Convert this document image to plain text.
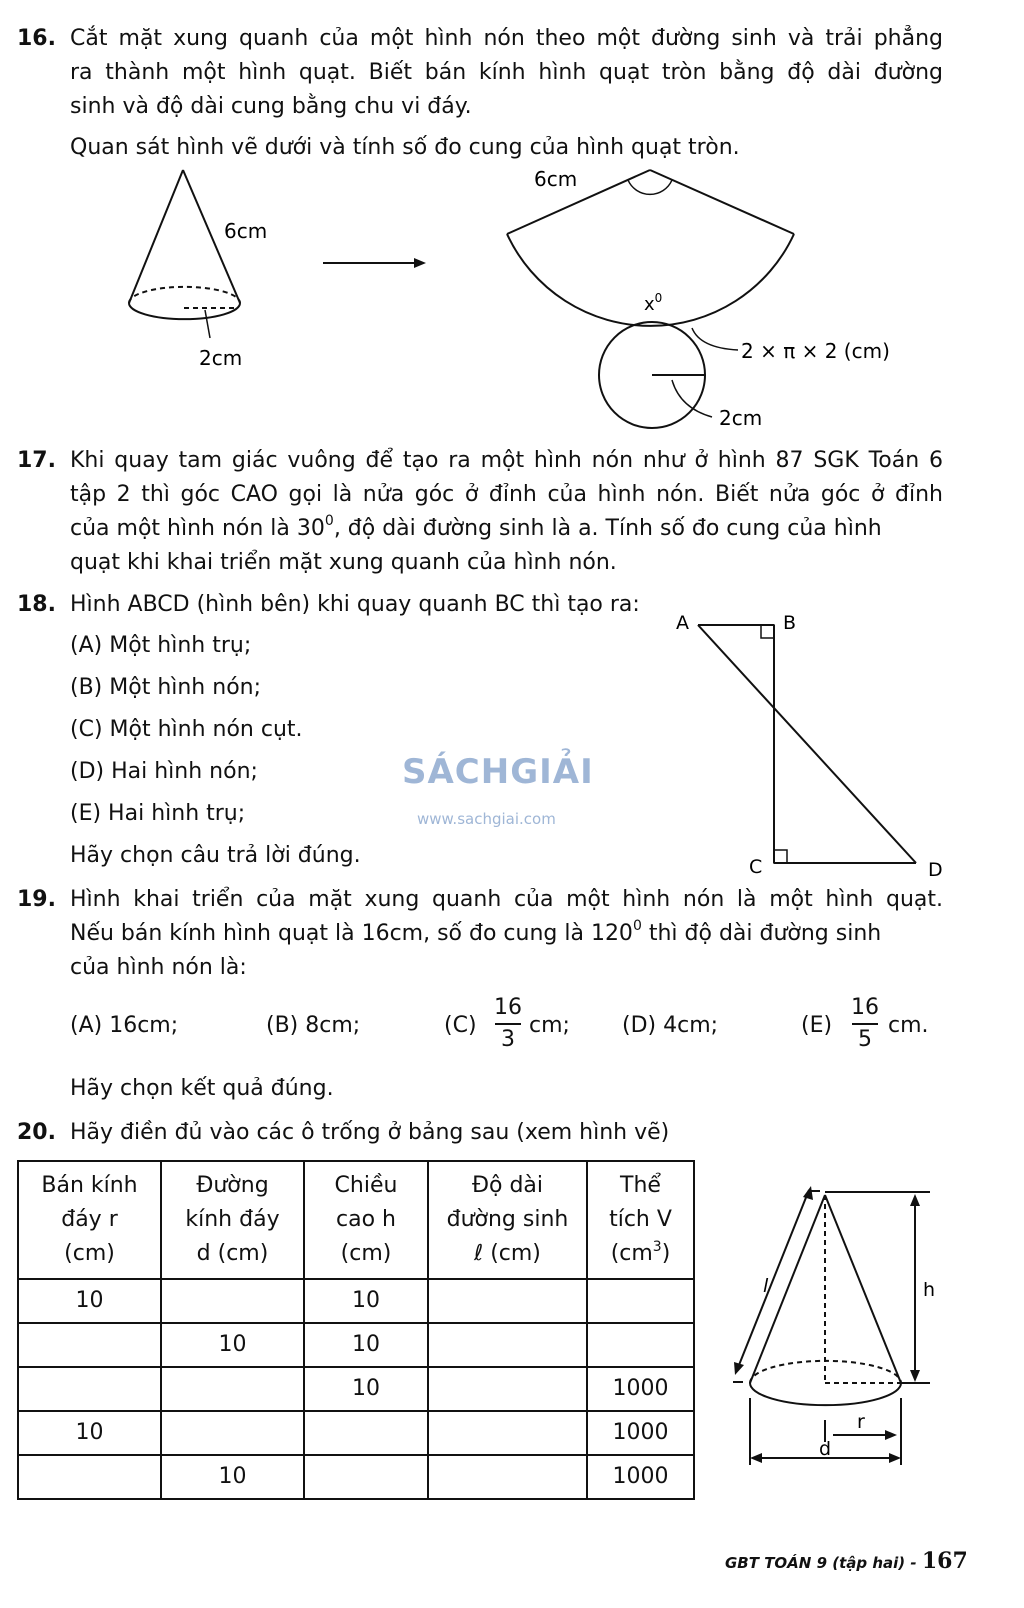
16. Cắt mặt xung quanh của một hình nón theo một đường sinh và trải phẳng
ra thành một hình quạt. Biết bán kính hình quạt tròn bằng độ dài đường
sinh và độ dài cung bằng chu vi đáy.
Quan sát hình vẽ dưới và tính số đo cung của hình quạt tròn.
6cm
2cm
6cm
$x^0$
2 × π × 2 (cm)
2cm
17. Khi quay tam giác vuông để tạo ra một hình nón như ở hình 87 SGK Toán 6
tập 2 thì góc CAO gọi là nửa góc ở đỉnh của hình nón. Biết nửa góc ở đỉnh
của một hình nón là $30^0$, độ dài đường sinh là a. Tính số đo cung của hình
quạt khi khai triển mặt xung quanh của hình nón.
18. Hình ABCD (hình bên) khi quay quanh BC thì tạo ra:
(A) Một hình trụ;
(B) Một hình nón;
(C) Một hình nón cụt.
(D) Hai hình nón;
(E) Hai hình trụ;
Hãy chọn câu trả lời đúng.
A	B
C	D
SÁCHGIẢI
www.sachgiai.com
19. Hình khai triển của mặt xung quanh của một hình nón là một hình quạt.
Nếu bán kính hình quạt là 16cm, số đo cung là $120^0$ thì độ dài đường sinh
của hình nón là:
(A) 16cm;	(B) 8cm;	(C)
16
3
cm; (D) 4cm;	(E)
16
5
cm.
Hãy chọn kết quả đúng.
20. Hãy điền đủ vào các ô trống ở bảng sau (xem hình vẽ)
Bán kính
đáy r
(cm)	Đường
kính đáy
d (cm)	Chiều
cao h
(cm)	Độ dài
đường sinh
ℓ (cm)	Thể
tích V
$(cm^3)$
10		10		
	10	10		
		10		1000
10				1000
	10			1000
l	h
r
d
GBT TOÁN 9 (tập hai) - 167
